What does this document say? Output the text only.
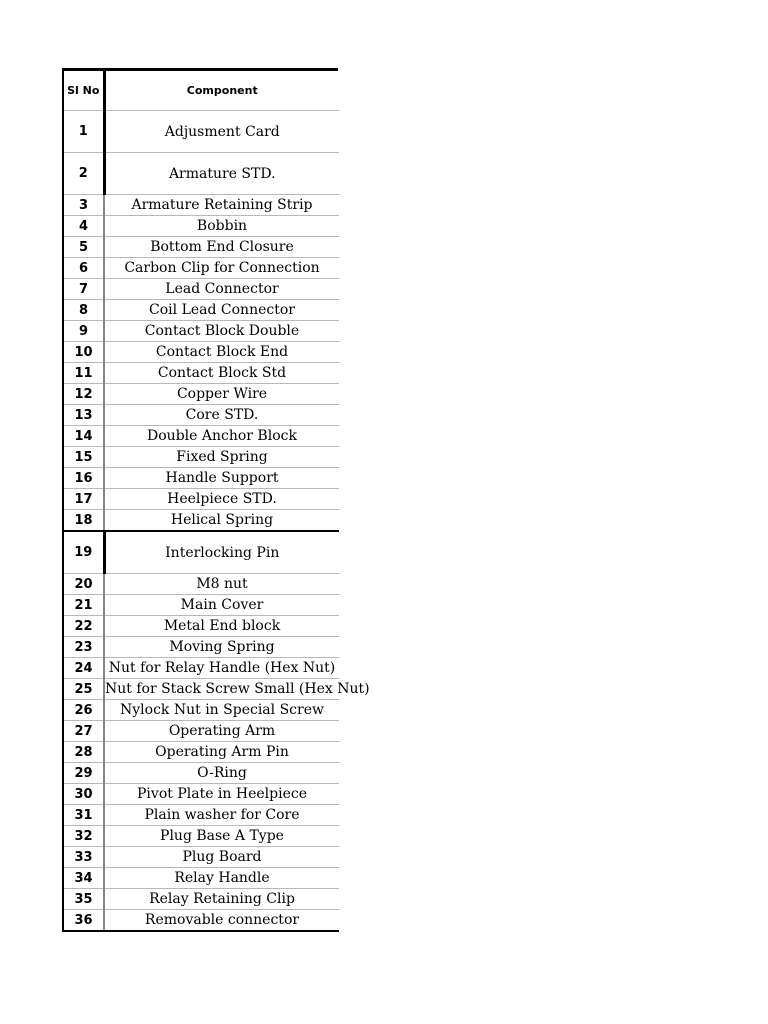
Sl No	Component
1	Adjusment Card
2	Armature STD.
3	Armature Retaining Strip
4	Bobbin
5	Bottom End Closure
6	Carbon Clip for Connection
7	Lead Connector
8	Coil Lead Connector
9	Contact Block Double
10	Contact Block End
11	Contact Block Std
12	Copper Wire
13	Core STD.
14	Double Anchor Block
15	Fixed Spring
16	Handle Support
17	Heelpiece STD.
18	Helical Spring
19	Interlocking Pin
20	M8 nut
21	Main Cover
22	Metal End block
23	Moving Spring
24	Nut for Relay Handle (Hex Nut)
25	Nut for Stack Screw Small (Hex Nut)
26	Nylock Nut in Special Screw
27	Operating Arm
28	Operating Arm Pin
29	O-Ring
30	Pivot Plate in Heelpiece
31	Plain washer for Core
32	Plug Base A Type
33	Plug Board
34	Relay Handle
35	Relay Retaining Clip
36	Removable connector
